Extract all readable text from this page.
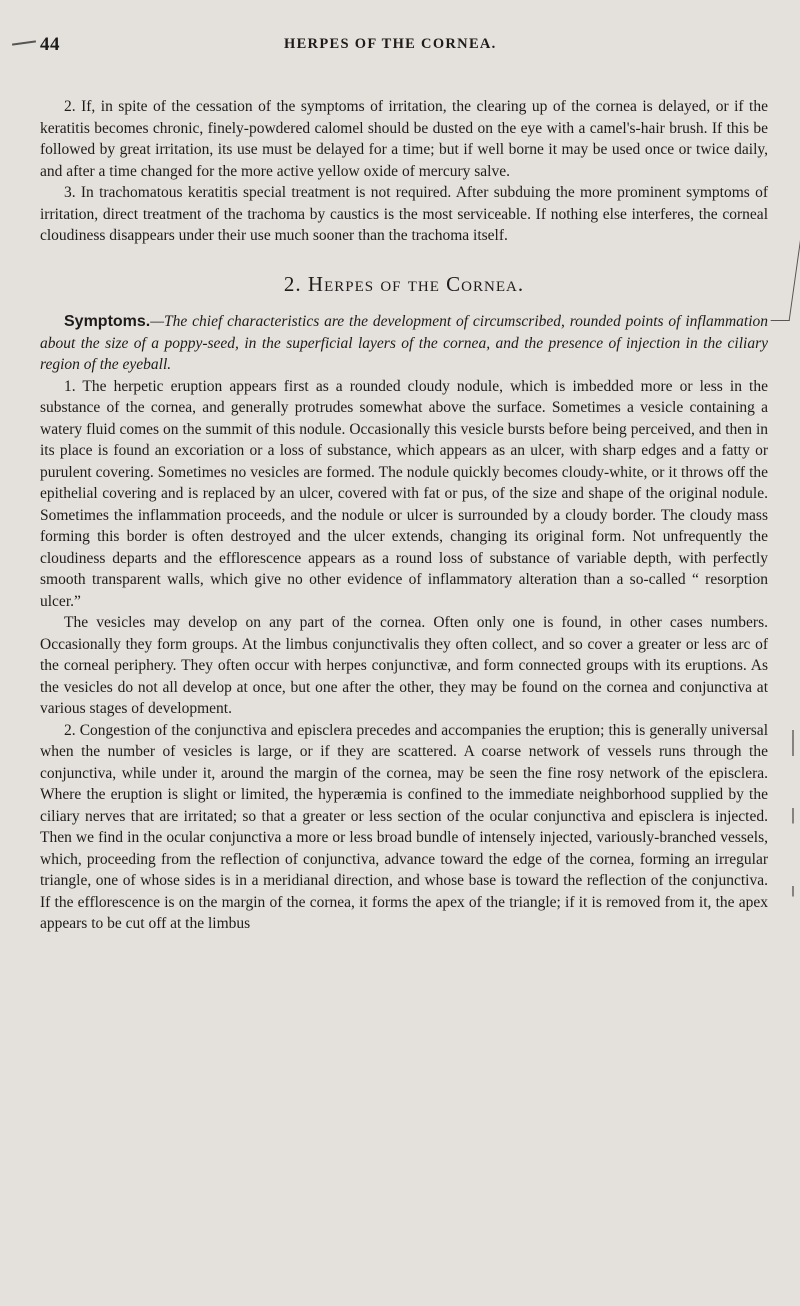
44	HERPES OF THE CORNEA.

2. If, in spite of the cessation of the symptoms of irritation, the clearing up of the cornea is delayed, or if the keratitis becomes chronic, finely-powdered calomel should be dusted on the eye with a camel's-hair brush. If this be followed by great irritation, its use must be delayed for a time; but if well borne it may be used once or twice daily, and after a time changed for the more active yellow oxide of mercury salve.

3. In trachomatous keratitis special treatment is not required. After subduing the more prominent symptoms of irritation, direct treatment of the trachoma by caustics is the most serviceable. If nothing else interferes, the corneal cloudiness disappears under their use much sooner than the trachoma itself.

2. Herpes of the Cornea.

Symptoms.—The chief characteristics are the development of circumscribed, rounded points of inflammation about the size of a poppy-seed, in the superficial layers of the cornea, and the presence of injection in the ciliary region of the eyeball.

1. The herpetic eruption appears first as a rounded cloudy nodule, which is imbedded more or less in the substance of the cornea, and generally protrudes somewhat above the surface. Sometimes a vesicle containing a watery fluid comes on the summit of this nodule. Occasionally this vesicle bursts before being perceived, and then in its place is found an excoriation or a loss of substance, which appears as an ulcer, with sharp edges and a fatty or purulent covering. Sometimes no vesicles are formed. The nodule quickly becomes cloudy-white, or it throws off the epithelial covering and is replaced by an ulcer, covered with fat or pus, of the size and shape of the original nodule. Sometimes the inflammation proceeds, and the nodule or ulcer is surrounded by a cloudy border. The cloudy mass forming this border is often destroyed and the ulcer extends, changing its original form. Not unfrequently the cloudiness departs and the efflorescence appears as a round loss of substance of variable depth, with perfectly smooth transparent walls, which give no other evidence of inflammatory alteration than a so-called “ resorption ulcer.”

The vesicles may develop on any part of the cornea. Often only one is found, in other cases numbers. Occasionally they form groups. At the limbus conjunctivalis they often collect, and so cover a greater or less arc of the corneal periphery. They often occur with herpes conjunctivæ, and form connected groups with its eruptions. As the vesicles do not all develop at once, but one after the other, they may be found on the cornea and conjunctiva at various stages of development.

2. Congestion of the conjunctiva and episclera precedes and accompanies the eruption; this is generally universal when the number of vesicles is large, or if they are scattered. A coarse network of vessels runs through the conjunctiva, while under it, around the margin of the cornea, may be seen the fine rosy network of the episclera. Where the eruption is slight or limited, the hyperæmia is confined to the immediate neighborhood supplied by the ciliary nerves that are irritated; so that a greater or less section of the ocular conjunctiva and episclera is injected. Then we find in the ocular conjunctiva a more or less broad bundle of intensely injected, variously-branched vessels, which, proceeding from the reflection of conjunctiva, advance toward the edge of the cornea, forming an irregular triangle, one of whose sides is in a meridianal direction, and whose base is toward the reflection of the conjunctiva. If the efflorescence is on the margin of the cornea, it forms the apex of the triangle; if it is removed from it, the apex appears to be cut off at the limbus
